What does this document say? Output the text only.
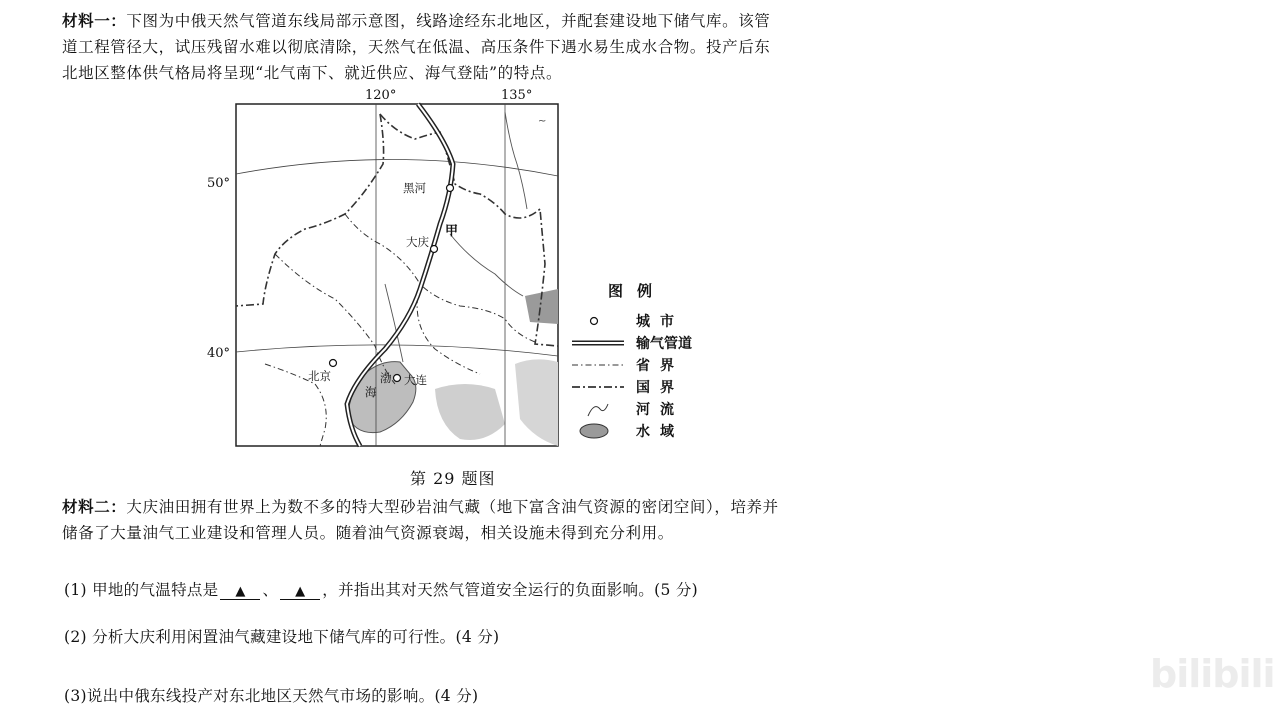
材料一：下图为中俄天然气管道东线局部示意图，线路途经东北地区，并配套建设地下储气库。该管道工程管径大，试压残留水难以彻底清除，天然气在低温、高压条件下遇水易生成水合物。投产后东北地区整体供气格局将呈现“北气南下、就近供应、海气登陆”的特点。
~
120°	135°
50°
40°
黑河
大庆
北京	大连
甲
渤
海
图例
城市
输气管道
省界
国界
河流
水域
第 29 题图
材料二：大庆油田拥有世界上为数不多的特大型砂岩油气藏（地下富含油气资源的密闭空间），培养并储备了大量油气工业建设和管理人员。随着油气资源衰竭，相关设施未得到充分利用。
(1) 甲地的气温特点是 ▲ 、 ▲ ，并指出其对天然气管道安全运行的负面影响。(5 分)
(2) 分析大庆利用闲置油气藏建设地下储气库的可行性。(4 分)
(3)说出中俄东线投产对东北地区天然气市场的影响。(4 分)	bilibili
